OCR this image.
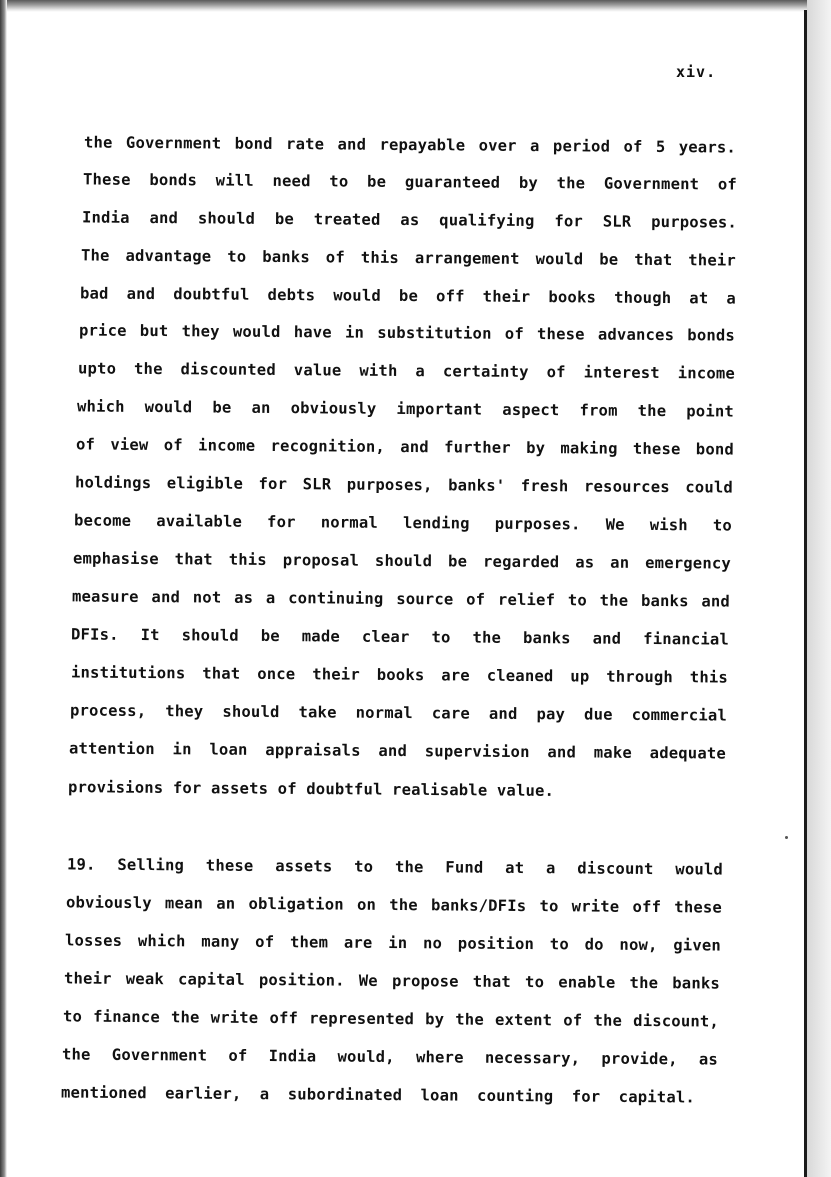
xiv.

the Government bond rate and repayable over a period of 5 years.

These bonds will need to be guaranteed by the Government of

India and should be treated as qualifying for SLR purposes.

The advantage to banks of this arrangement would be that their

bad and doubtful debts would be off their books though at a

price but they would have in substitution of these advances bonds

upto the discounted value with a certainty of interest income

which would be an obviously important aspect from the point

of view of income recognition, and further by making these bond

holdings eligible for SLR purposes, banks' fresh resources could

become available for normal lending purposes. We wish to

emphasise that this proposal should be regarded as an emergency

measure and not as a continuing source of relief to the banks and

DFIs. It should be made clear to the banks and financial

institutions that once their books are cleaned up through this

process, they should take normal care and pay due commercial

attention in loan appraisals and supervision and make adequate

provisions for assets of doubtful realisable value.

19. Selling these assets to the Fund at a discount would

obviously mean an obligation on the banks/DFIs to write off these

losses which many of them are in no position to do now, given

their weak capital position. We propose that to enable the banks

to finance the write off represented by the extent of the discount,

the Government of India would, where necessary, provide, as

mentioned earlier, a subordinated loan counting for capital.
